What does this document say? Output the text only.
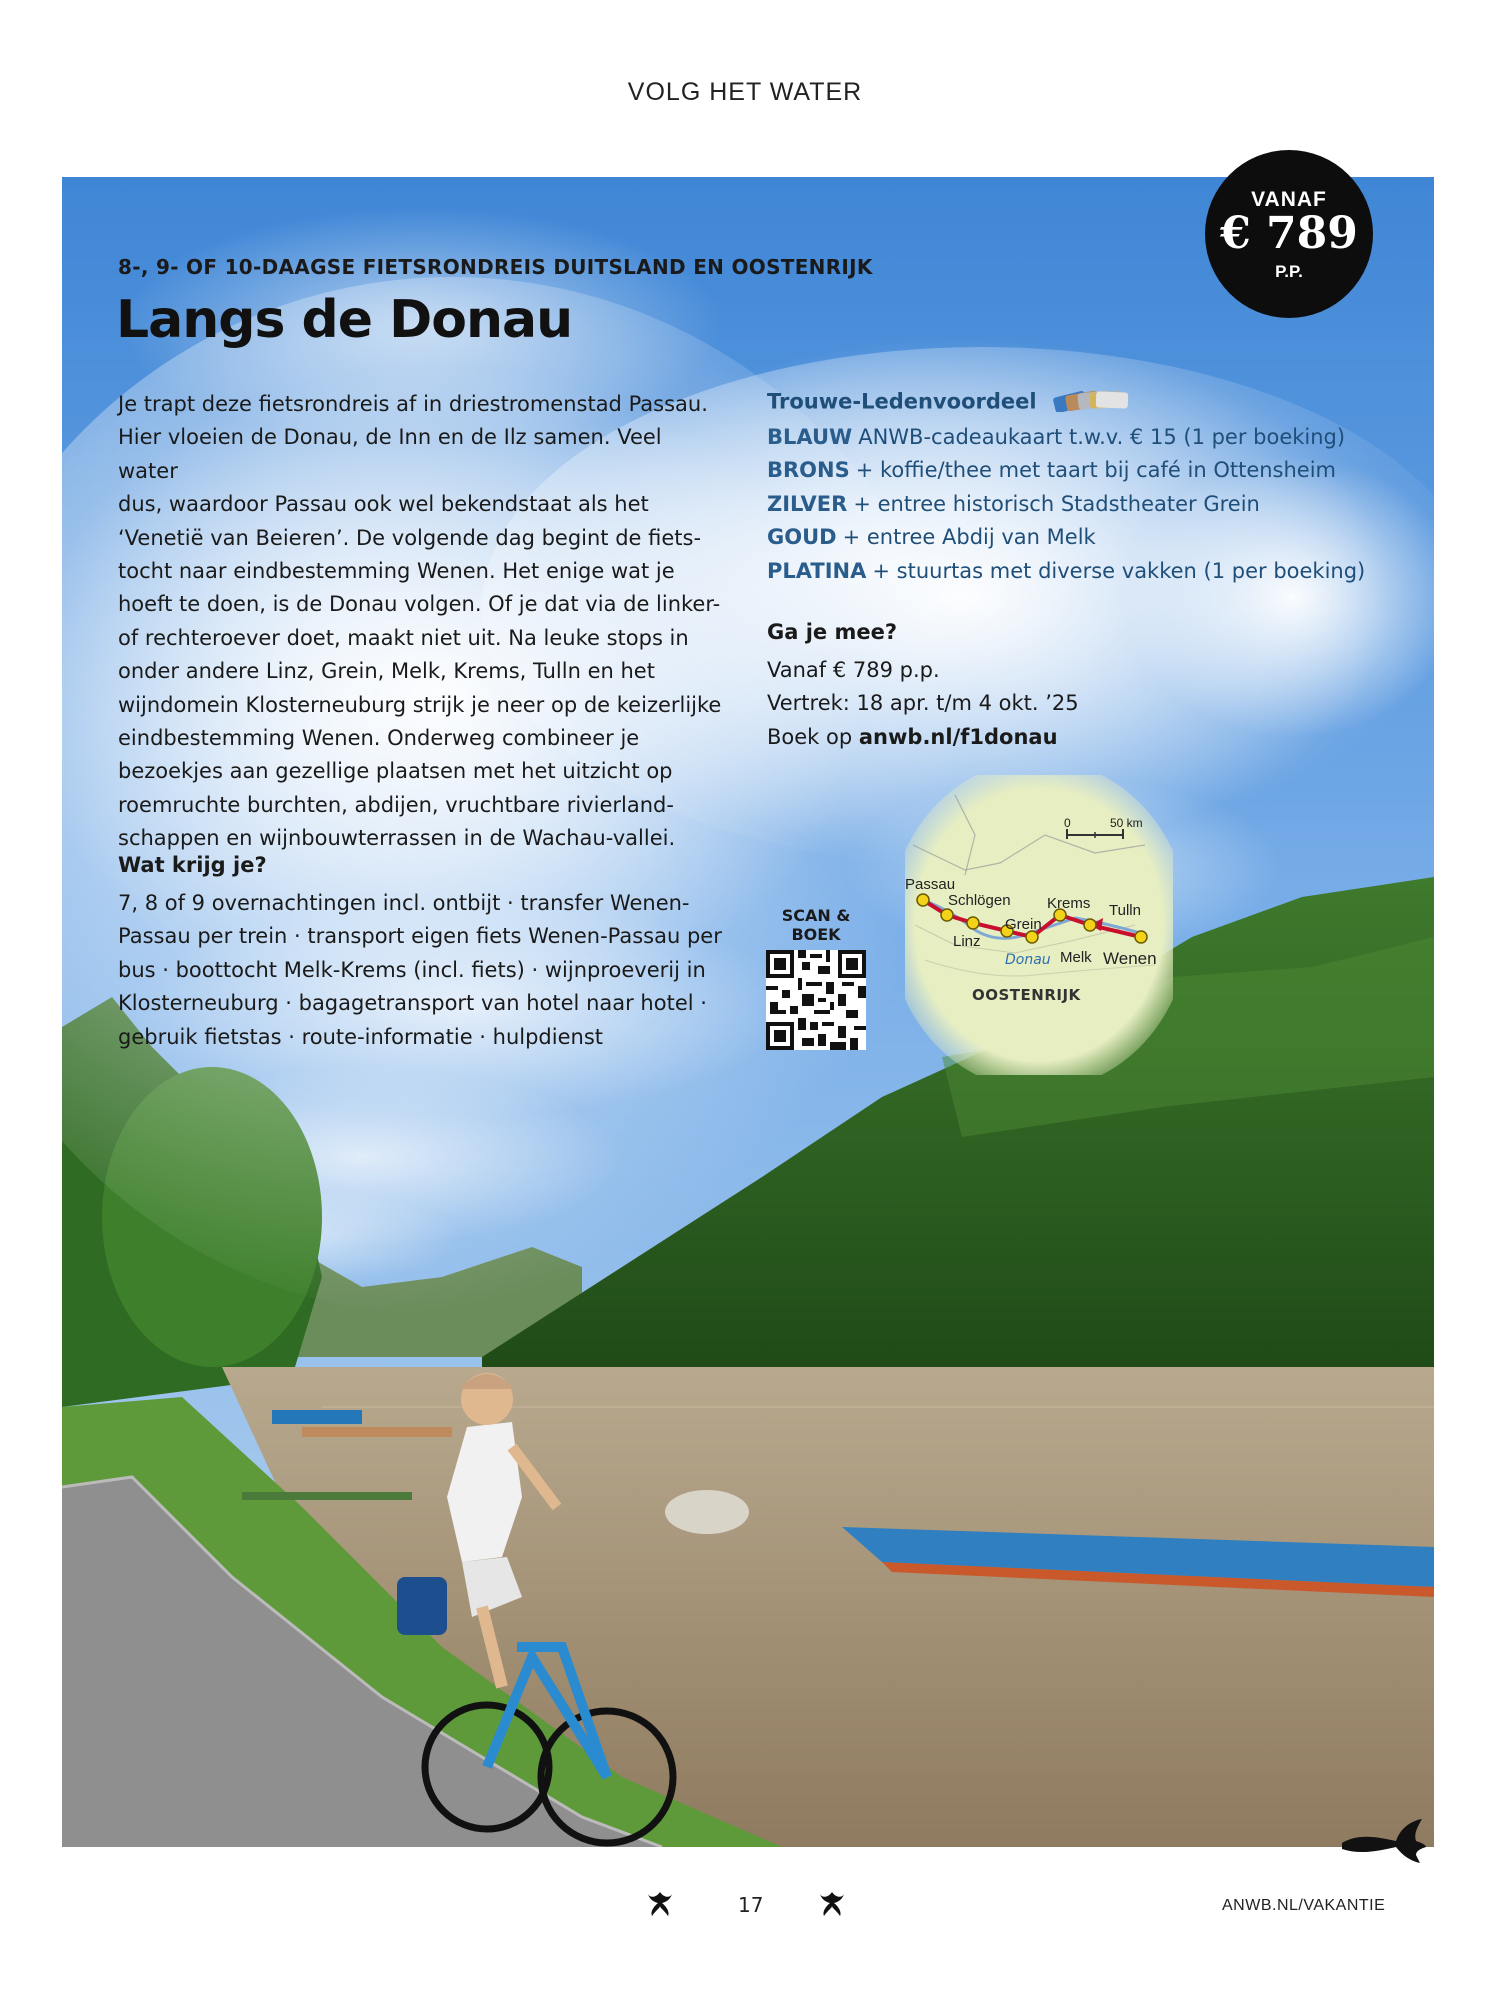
VOLG HET WATER
VANAF
€ 789
P.P.
8-, 9- OF 10-DAAGSE FIETSRONDREIS DUITSLAND EN OOSTENRIJK
Langs de Donau
Je trapt deze fietsrondreis af in driestromenstad Passau.
Hier vloeien de Donau, de Inn en de Ilz samen. Veel water
dus, waardoor Passau ook wel bekendstaat als het
‘Venetië van Beieren’. De volgende dag begint de fiets-
tocht naar eindbestemming Wenen. Het enige wat je
hoeft te doen, is de Donau volgen. Of je dat via de linker-
of rechteroever doet, maakt niet uit. Na leuke stops in
onder andere Linz, Grein, Melk, Krems, Tulln en het
wijndomein Klosterneuburg strijk je neer op de keizerlijke
eindbestemming Wenen. Onderweg combineer je
bezoekjes aan gezellige plaatsen met het uitzicht op
roemruchte burchten, abdijen, vruchtbare rivierland-
schappen en wijnbouwterrassen in de Wachau-vallei.
Wat krijg je?
7, 8 of 9 overnachtingen incl. ontbijt · transfer Wenen-
Passau per trein · transport eigen fiets Wenen-Passau per
bus · boottocht Melk-Krems (incl. fiets) · wijnproeverij in
Klosterneuburg · bagagetransport van hotel naar hotel ·
gebruik fietstas · route-informatie · hulpdienst
Trouwe-Ledenvoordeel
BLAUW ANWB-cadeaukaart t.w.v. € 15 (1 per boeking)
BRONS + koffie/thee met taart bij café in Ottensheim
ZILVER + entree historisch Stadstheater Grein
GOUD + entree Abdij van Melk
PLATINA + stuurtas met diverse vakken (1 per boeking)
Ga je mee?
Vanaf € 789 p.p.
Vertrek: 18 apr. t/m 4 okt. ’25
Boek op anwb.nl/f1donau
SCAN &
BOEK
0	50 km
Passau
Schlögen
Linz
Grein
Krems Tulln
Melk Wenen
Donau
OOSTENRIJK
17	ANWB.NL/VAKANTIE
